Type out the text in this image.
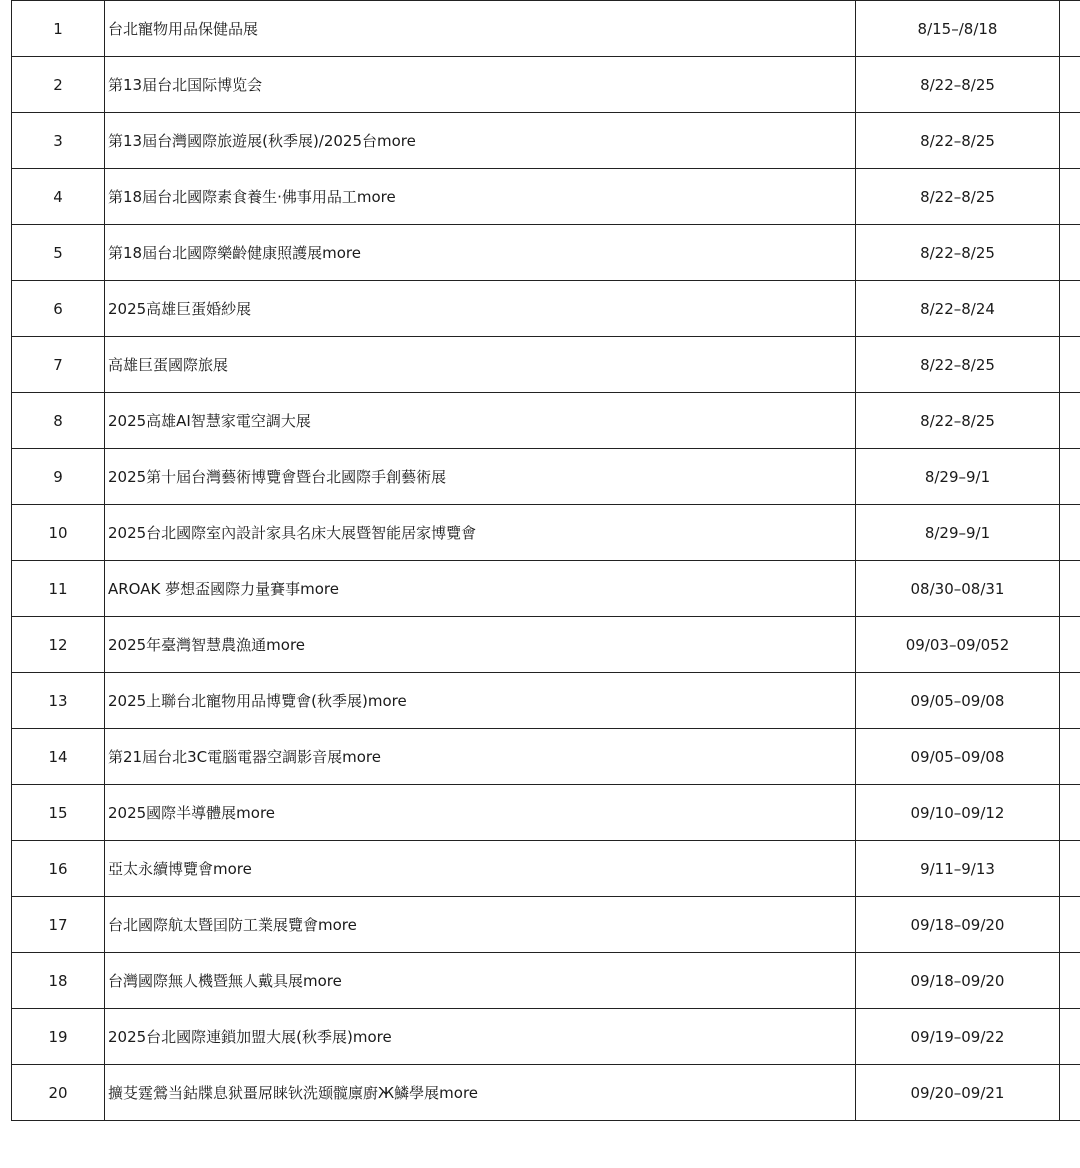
1	台北寵物用品保健品展	8/15–/8/18	
2	第13届台北国际博览会	8/22–8/25	
3	第13屆台灣國際旅遊展(秋季展)/2025台more	8/22–8/25	
4	第18屆台北國際素食養生‧佛事用品工more	8/22–8/25	
5	第18屆台北國際樂齡健康照護展more	8/22–8/25	
6	2025高雄巨蛋婚紗展	8/22–8/24	
7	高雄巨蛋國際旅展	8/22–8/25	
8	2025高雄AI智慧家電空調大展	8/22–8/25	
9	2025第十屆台灣藝術博覽會暨台北國際手創藝術展	8/29–9/1	
10	2025台北國際室內設計家具名床大展暨智能居家博覽會	8/29–9/1	
11	AROAK 夢想盃國際力量賽事more	08/30–08/31	
12	2025年臺灣智慧農漁通more	09/03–09/052	
13	2025上聯台北寵物用品博覽會(秋季展)more	09/05–09/08	
14	第21屆台北3C電腦電器空調影音展more	09/05–09/08	
15	2025國際半導體展more	09/10–09/12	
16	亞太永續博覽會more	9/11–9/13	
17	台北國際航太暨囯防工業展覽會more	09/18–09/20	
18	台灣國際無人機暨無人戴具展more	09/18–09/20	
19	2025台北國際連鎖加盟大展(秋季展)more	09/19–09/22	
20	擴芟霆鶯当鈷牒息狱畺屌睐钬洗颋髋廪廚Ж鱗學展more	09/20–09/21	
